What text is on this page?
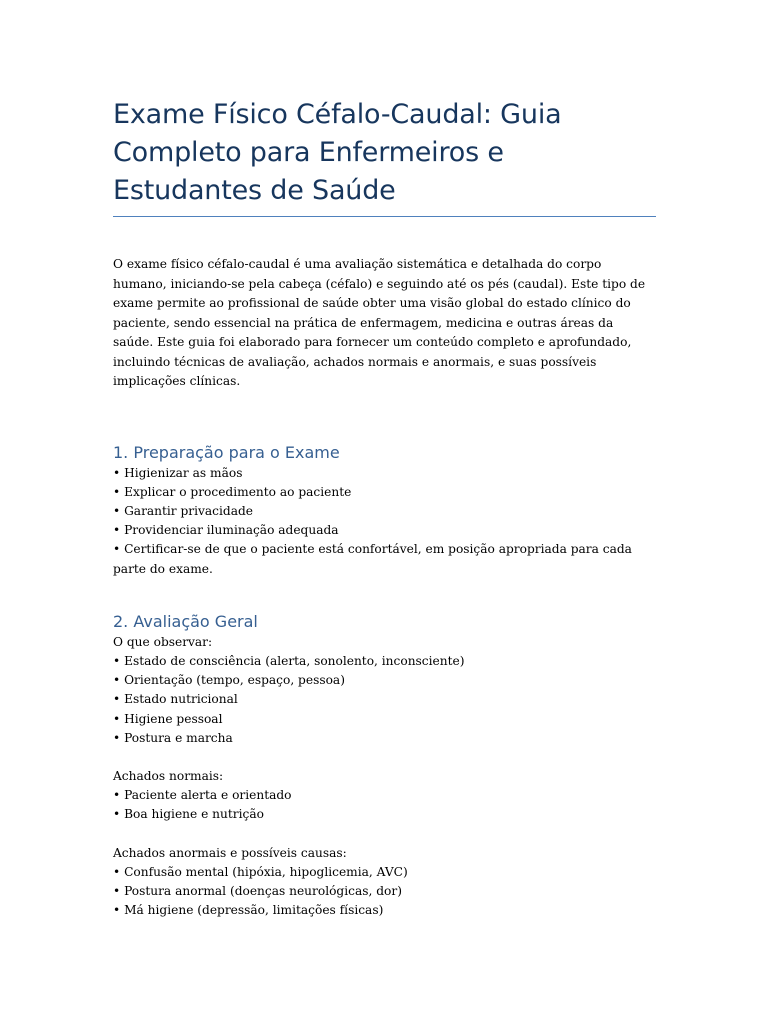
Exame Físico Céfalo-Caudal: Guia Completo para Enfermeiros e Estudantes de Saúde

O exame físico céfalo-caudal é uma avaliação sistemática e detalhada do corpo humano, iniciando-se pela cabeça (céfalo) e seguindo até os pés (caudal). Este tipo de exame permite ao profissional de saúde obter uma visão global do estado clínico do paciente, sendo essencial na prática de enfermagem, medicina e outras áreas da saúde. Este guia foi elaborado para fornecer um conteúdo completo e aprofundado, incluindo técnicas de avaliação, achados normais e anormais, e suas possíveis implicações clínicas.

1. Preparação para o Exame

• Higienizar as mãos

• Explicar o procedimento ao paciente

• Garantir privacidade

• Providenciar iluminação adequada

• Certificar-se de que o paciente está confortável, em posição apropriada para cada parte do exame.

2. Avaliação Geral

O que observar:

• Estado de consciência (alerta, sonolento, inconsciente)

• Orientação (tempo, espaço, pessoa)

• Estado nutricional

• Higiene pessoal

• Postura e marcha

Achados normais:

• Paciente alerta e orientado

• Boa higiene e nutrição

Achados anormais e possíveis causas:

• Confusão mental (hipóxia, hipoglicemia, AVC)

• Postura anormal (doenças neurológicas, dor)

• Má higiene (depressão, limitações físicas)
